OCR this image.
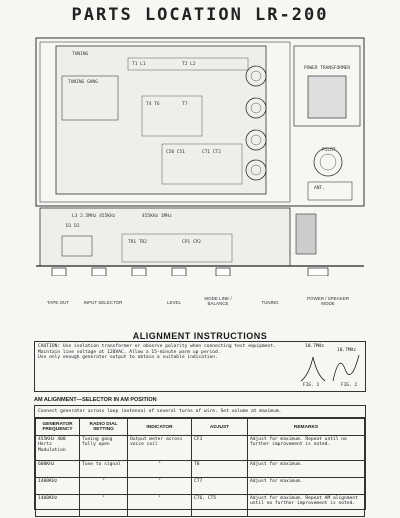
PARTS LOCATION LR-200
TUNING
TUNING GANG
POWER TRANSFORMER
PILOT
ANT.
T1 L1	T2 L2
T4 T6	T7
C50 C51	CT1 CT2
L3 2.5MHz 455KHz	455KHz 1MHz
TR1 TR2	CP1 CP2
D1 D2
TAPE OUT	INPUT SELECTOR	LEVEL
MODE LINE / BALANCE	TUNING
POWER / SPEAKER MODE
ALIGNMENT INSTRUCTIONS
CAUTION: Use isolation transformer or observe polarity when connecting test equipment.
Maintain line voltage at 120VAC. Allow a 15-minute warm up period.
Use only enough generator output to obtain a suitable indication.
10.7MHz
10.7MHz
FIG. 1	FIG. 2
AM ALIGNMENT—SELECTOR IN AM POSITION
Connect generator across loop (antenna) of several turns of wire. Set volume at maximum.
GENERATOR FREQUENCY	RADIO DIAL SETTING	INDICATOR	ADJUST	REMARKS
455KHz 400 Hertz Modulation	Tuning gang fully open	Output meter across voice coil	CF3	Adjust for maximum. Repeat until no further improvement is noted.
600KHz	Tune to signal	"	T8	Adjust for maximum.
1400KHz	"	"	CT7	Adjust for maximum.
1400KHz	"	"	CT6, CT5	Adjust for maximum. Repeat AM alignment until no further improvement is noted.
